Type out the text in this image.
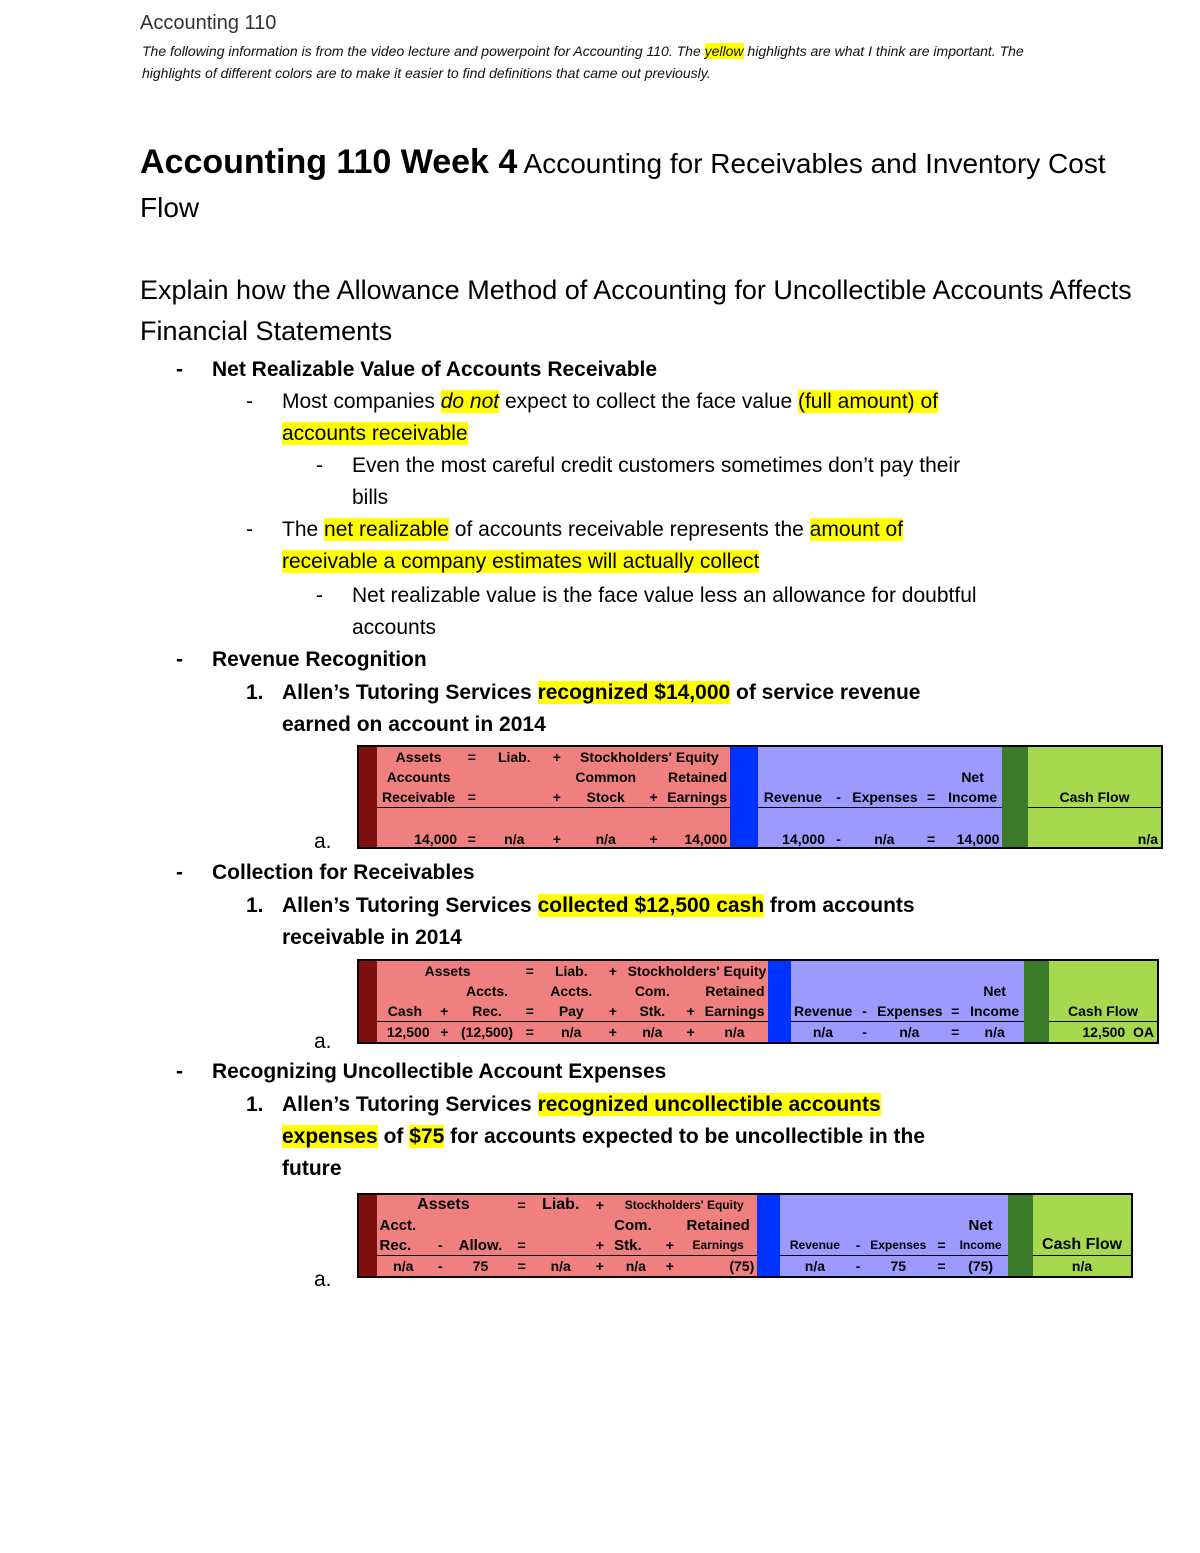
Accounting 110
The following information is from the video lecture and powerpoint for Accounting 110. The yellow highlights are what I think are important. The highlights of different colors are to make it easier to find definitions that came out previously.
Accounting 110 Week 4 Accounting for Receivables and Inventory Cost Flow
Explain how the Allowance Method of Accounting for Uncollectible Accounts Affects Financial Statements
- Net Realizable Value of Accounts Receivable
- Most companies do not expect to collect the face value (full amount) of
accounts receivable
- Even the most careful credit customers sometimes don’t pay their
bills
- The net realizable of accounts receivable represents the amount of
receivable a company estimates will actually collect
- Net realizable value is the face value less an allowance for doubtful
accounts
- Revenue Recognition
1. Allen’s Tutoring Services recognized $14,000 of service revenue
earned on account in 2014
a.
	Assets	=	Liab.	+	Stockholders' Equity										
	Accounts				Common		Retained						Net		
	Receivable	=		+	Stock	+	Earnings		Revenue	-	Expenses	=	Income		Cash Flow
	14,000	=	n/a	+	n/a	+	14,000		14,000	-	n/a	=	14,000		n/a
- Collection for Receivables
1. Allen’s Tutoring Services collected $12,500 cash from accounts
receivable in 2014
a.
	Assets			=	Liab.	+	Stockholders' Equity										
			Accts.		Accts.		Com.		Retained						Net		
	Cash	+	Rec.	=	Pay	+	Stk.	+	Earnings		Revenue	-	Expenses	=	Income		Cash Flow
	12,500	+	(12,500)	=	n/a	+	n/a	+	n/a		n/a	-	n/a	=	n/a		12,500 OA
- Recognizing Uncollectible Account Expenses
1. Allen’s Tutoring Services recognized uncollectible accounts
expenses of $75 for accounts expected to be uncollectible in the
future
a.
	Assets			=	Liab.	+	Stockholders' Equity										
	Acct.						Com.		Retained						Net		
	Rec.	-	Allow.	=		+	Stk.	+	Earnings		Revenue	-	Expenses	=	Income		Cash Flow
	n/a	-	75	=	n/a	+	n/a	+	(75)		n/a	-	75	=	(75)		n/a
